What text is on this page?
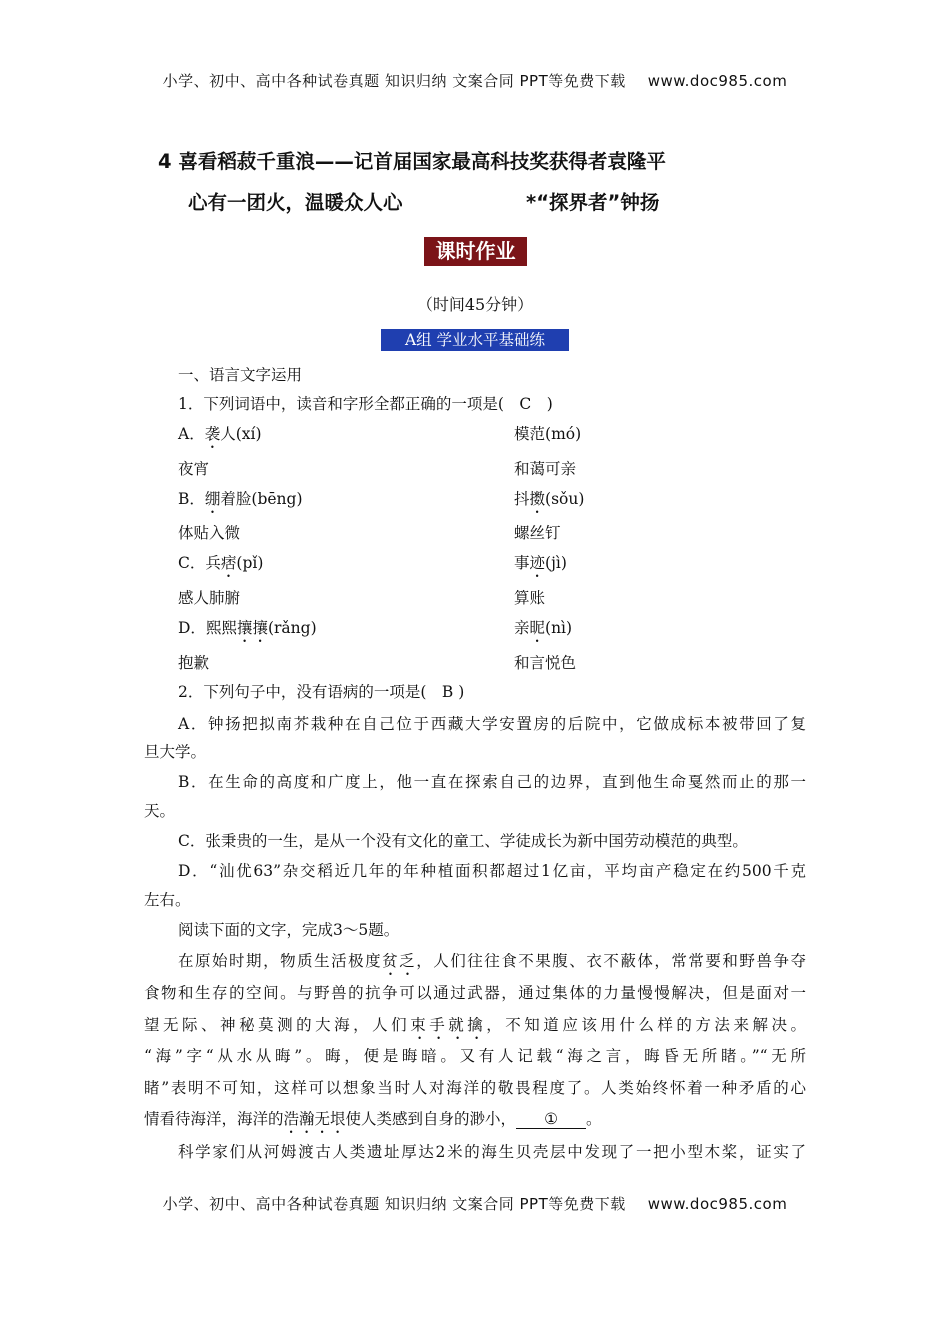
小学、初中、高中各种试卷真题 知识归纳 文案合同 PPT等免费下载 www.doc985.com
4 喜看稻菽千重浪——记首届国家最高科技奖获得者袁隆平
心有一团火，温暖众人心	*“探界者”钟扬
课时作业
（时间45分钟）
A组 学业水平基础练
一、语言文字运用
1．下列词语中，读音和字形全都正确的一项是(　C　)
A．袭人(xí)	模范(mó)
夜宵	和蔼可亲
B．绷着脸(bēng)	抖擞(sǒu)
体贴入微	螺丝钉
C．兵痞(pǐ)	事迹(jì)
感人肺腑	算账
D．熙熙攘攘(rǎng)	亲昵(nì)
抱歉	和言悦色
2．下列句子中，没有语病的一项是(　B )
A．钟扬把拟南芥栽种在自己位于西藏大学安置房的后院中，它做成标本被带回了复
旦大学。
B．在生命的高度和广度上，他一直在探索自己的边界，直到他生命戛然而止的那一
天。
C．张秉贵的一生，是从一个没有文化的童工、学徒成长为新中国劳动模范的典型。
D．“汕优63”杂交稻近几年的年种植面积都超过1亿亩，平均亩产稳定在约500千克
左右。
阅读下面的文字，完成3～5题。
在原始时期，物质生活极度贫乏，人们往往食不果腹、衣不蔽体，常常要和野兽争夺
食物和生存的空间。与野兽的抗争可以通过武器，通过集体的力量慢慢解决，但是面对一
望无际、神秘莫测的大海，人们束手就擒，不知道应该用什么样的方法来解决。
“海”字“从水从晦”。晦，便是晦暗。又有人记载“海之言，晦昏无所睹。”“无所
睹”表明不可知，这样可以想象当时人对海洋的敬畏程度了。人类始终怀着一种矛盾的心
情看待海洋，海洋的浩瀚无垠使人类感到自身的渺小， ① 。
科学家们从河姆渡古人类遗址厚达2米的海生贝壳层中发现了一把小型木桨，证实了
小学、初中、高中各种试卷真题 知识归纳 文案合同 PPT等免费下载 www.doc985.com
